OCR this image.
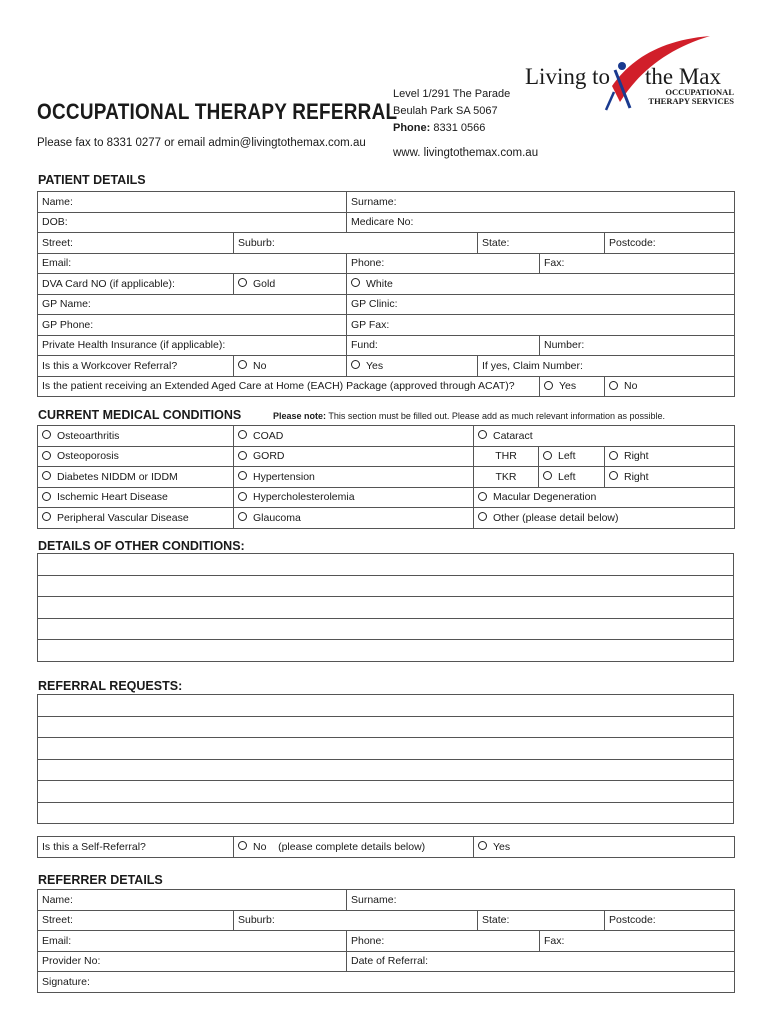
OCCUPATIONAL THERAPY REFERRAL
Please fax to 8331 0277 or email admin@livingtothemax.com.au
Level 1/291 The Parade
Beulah Park SA 5067
Phone: 8331 0566
www. livingtothemax.com.au
Living to the Max
OCCUPATIONAL
THERAPY SERVICES
PATIENT DETAILS
Name:		Surname:			
DOB:		Medicare No:			
Street:	Suburb:		State:		Postcode:
Email:		Phone:		Fax:	
DVA Card NO (if applicable):	Gold	White			
GP Name:		GP Clinic:			
GP Phone:		GP Fax:			
Private Health Insurance (if applicable):		Fund:		Number:	
Is this a Workcover Referral?	No	Yes	If yes, Claim Number:		
Is the patient receiving an Extended Aged Care at Home (EACH) Package (approved through ACAT)?				Yes	No
CURRENT MEDICAL CONDITIONS	Please note: This section must be filled out. Please add as much relevant information as possible.
Osteoarthritis	COAD	Cataract		
Osteoporosis	GORD	THR	Left	Right
Diabetes NIDDM or IDDM	Hypertension	TKR	Left	Right
Ischemic Heart Disease	Hypercholesterolemia	Macular Degeneration		
Peripheral Vascular Disease	Glaucoma	Other (please detail below)		
DETAILS OF OTHER CONDITIONS:

REFERRAL REQUESTS:

Is this a Self-Referral?	No    (please complete details below)	Yes
REFERRER DETAILS
Name:		Surname:			
Street:	Suburb:		State:		Postcode:
Email:		Phone:		Fax:	
Provider No:		Date of Referral:			
Signature:					
